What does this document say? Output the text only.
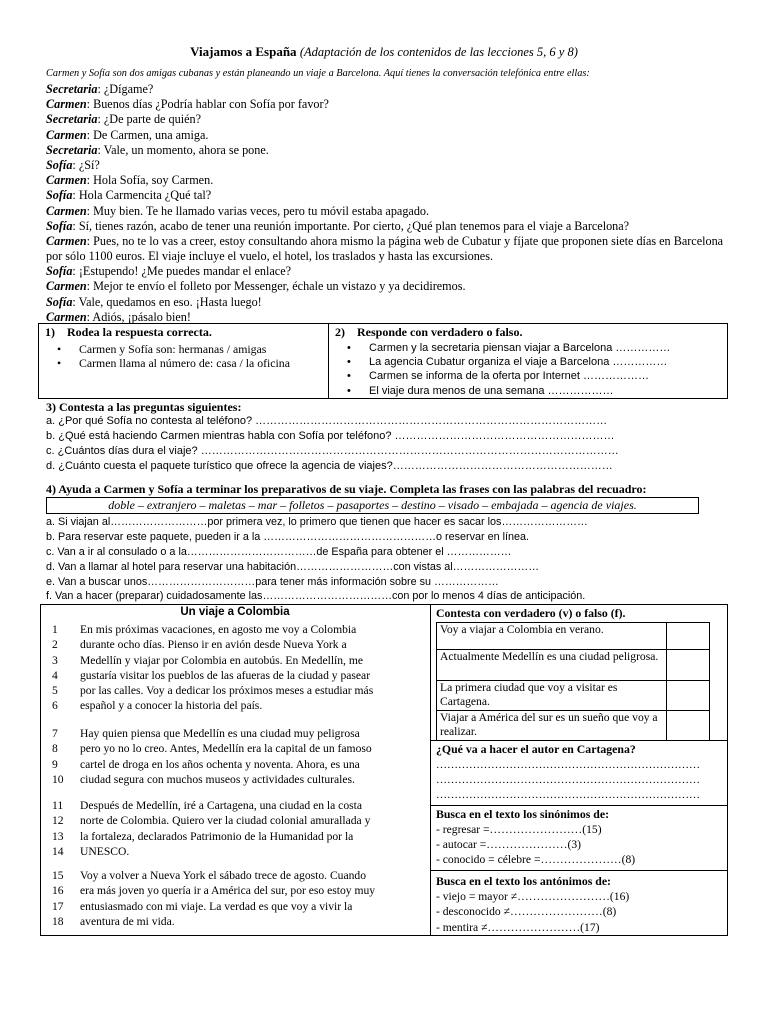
Viajamos a España (Adaptación de los contenidos de las lecciones 5, 6 y 8)
Carmen y Sofía son dos amigas cubanas y están planeando un viaje a Barcelona. Aquí tienes la conversación telefónica entre ellas:
Secretaria: ¿Dígame?
Carmen: Buenos días ¿Podría hablar con Sofía por favor?
Secretaria: ¿De parte de quién?
Carmen: De Carmen, una amiga.
Secretaria: Vale, un momento, ahora se pone.
Sofía: ¿Sí?
Carmen: Hola Sofía, soy Carmen.
Sofía: Hola Carmencita ¿Qué tal?
Carmen: Muy bien. Te he llamado varias veces, pero tu móvil estaba apagado.
Sofía: Sí, tienes razón, acabo de tener una reunión importante. Por cierto, ¿Qué plan tenemos para el viaje a Barcelona?
Carmen: Pues, no te lo vas a creer, estoy consultando ahora mismo la página web de Cubatur y fíjate que proponen siete días en Barcelona por sólo 1100 euros. El viaje incluye el vuelo, el hotel, los traslados y hasta las excursiones.
Sofía: ¡Estupendo! ¿Me puedes mandar el enlace?
Carmen: Mejor te envío el folleto por Messenger, échale un vistazo y ya decidiremos.
Sofía: Vale, quedamos en eso. ¡Hasta luego!
Carmen: Adiós, ¡pásalo bien!
1) Rodea la respuesta correcta.
• Carmen y Sofía son: hermanas / amigas
• Carmen llama al número de: casa / la oficina
2) Responde con verdadero o falso.
• Carmen y la secretaria piensan viajar a Barcelona ……………
• La agencia Cubatur organiza el viaje a Barcelona ……………
• Carmen se informa de la oferta por Internet ………………
• El viaje dura menos de una semana ………………
3) Contesta a las preguntas siguientes:
a. ¿Por qué Sofía no contesta al teléfono? ……………………………………………………………………………………
b. ¿Qué está haciendo Carmen mientras habla con Sofía por teléfono? ……………………………………………………
c. ¿Cuántos días dura el viaje? ……………………………………………………………………………………………………
d. ¿Cuánto cuesta el paquete turístico que ofrece la agencia de viajes?……………………………………………………
4) Ayuda a Carmen y Sofía a terminar los preparativos de su viaje. Completa las frases con las palabras del recuadro:
doble – extranjero – maletas – mar – folletos – pasaportes – destino – visado – embajada – agencia de viajes.
a. Si viajan al………………………por primera vez, lo primero que tienen que hacer es sacar los……………………
b. Para reservar este paquete, pueden ir a la …………………………………………o reservar en línea.
c. Van a ir al consulado o a la………………………………de España para obtener el ………………
d. Van a llamar al hotel para reservar una habitación………………………con vistas al……………………
e. Van a buscar unos…………………………para tener más información sobre su ………………
f. Van a hacer (preparar) cuidadosamente las………………………………con por lo menos 4 días de anticipación.
Un viaje a Colombia
1	En mis próximas vacaciones, en agosto me voy a Colombia
2	durante ocho días. Pienso ir en avión desde Nueva York a
3	Medellín y viajar por Colombia en autobús. En Medellín, me
4	gustaría visitar los pueblos de las afueras de la ciudad y pasear
5	por las calles. Voy a dedicar los próximos meses a estudiar más
6	español y a conocer la historia del país.
7	Hay quien piensa que Medellín es una ciudad muy peligrosa
8	pero yo no lo creo. Antes, Medellín era la capital de un famoso
9	cartel de droga en los años ochenta y noventa. Ahora, es una
10	ciudad segura con muchos museos y actividades culturales.
11	Después de Medellín, iré a Cartagena, una ciudad en la costa
12	norte de Colombia. Quiero ver la ciudad colonial amurallada y
13	la fortaleza, declarados Patrimonio de la Humanidad por la
14	UNESCO.
15	Voy a volver a Nueva York el sábado trece de agosto. Cuando
16	era más joven yo quería ir a América del sur, por eso estoy muy
17	entusiasmado con mi viaje. La verdad es que voy a vivir la
18	aventura de mi vida.
Contesta con verdadero (v) o falso (f).
Voy a viajar a Colombia en verano.	
Actualmente Medellín es una ciudad peligrosa.	
La primera ciudad que voy a visitar es Cartagena.	
Viajar a América del sur es un sueño que voy a realizar.	
¿Qué va a hacer el autor en Cartagena?
………………………………………………………………
………………………………………………………………
………………………………………………………………
Busca en el texto los sinónimos de:
- regresar =……………………(15)
- autocar =…………………(3)
- conocido = célebre =…………………(8)
Busca en el texto los antónimos de:
- viejo = mayor ≠……………………(16)
- desconocido ≠……………………(8)
- mentira ≠……………………(17)
